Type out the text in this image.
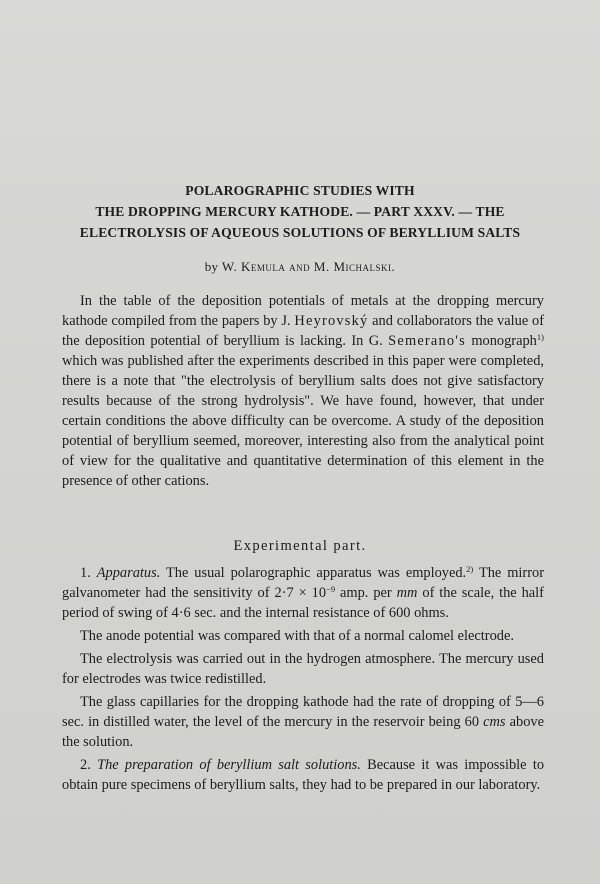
POLAROGRAPHIC STUDIES WITH
THE DROPPING MERCURY KATHODE. — PART XXXV. — THE
ELECTROLYSIS OF AQUEOUS SOLUTIONS OF BERYLLIUM SALTS
by W. Kemula and M. Michalski.
In the table of the deposition potentials of metals at the dropping mercury kathode compiled from the papers by J. Heyrovský and collaborators the value of the deposition potential of beryllium is lacking. In G. Semerano's monograph$^{1)}$ which was published after the experiments described in this paper were completed, there is a note that "the electrolysis of beryllium salts does not give satisfactory results because of the strong hydrolysis". We have found, however, that under certain conditions the above difficulty can be overcome. A study of the deposition potential of beryllium seemed, moreover, interesting also from the analytical point of view for the qualitative and quantitative determination of this element in the presence of other cations.
Experimental part.

1. Apparatus. The usual polarographic apparatus was employed.$^{2)}$ The mirror galvanometer had the sensitivity of $2\cdot 7 \times 10^{-9}$ amp. per mm of the scale, the half period of swing of 4·6 sec. and the internal resistance of 600 ohms.

The anode potential was compared with that of a normal calomel electrode.

The electrolysis was carried out in the hydrogen atmosphere. The mercury used for electrodes was twice redistilled.

The glass capillaries for the dropping kathode had the rate of dropping of 5—6 sec. in distilled water, the level of the mercury in the reservoir being 60 cms above the solution.

2. The preparation of beryllium salt solutions. Because it was impossible to obtain pure specimens of beryllium salts, they had to be prepared in our laboratory.
